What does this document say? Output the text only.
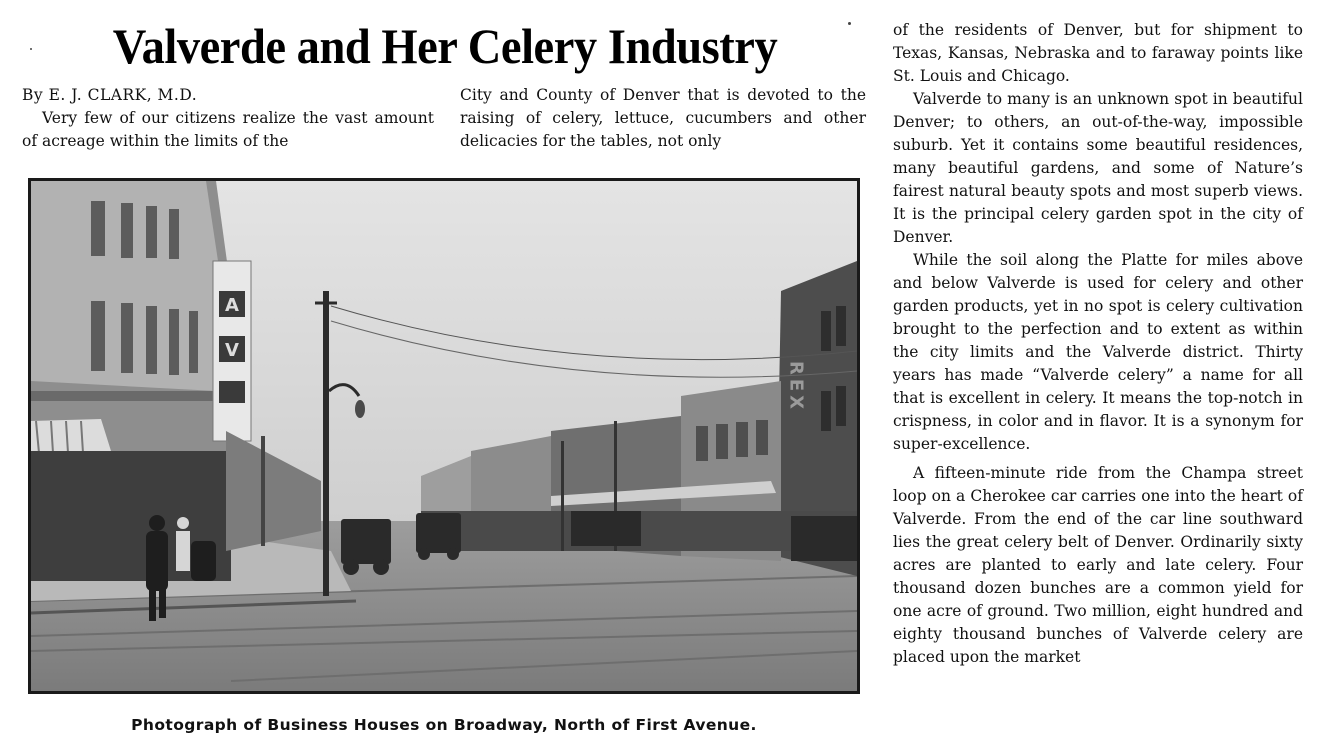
Valverde and Her Celery Industry

By E. J. CLARK, M.D.

Very few of our citizens realize the vast amount of acreage within the limits of the

City and County of Denver that is devoted to the raising of celery, lettuce, cucumbers and other delicacies for the tables, not only

A
V
REX
Photograph of Business Houses on Broadway, North of First Avenue.

of the residents of Denver, but for shipment to Texas, Kansas, Nebraska and to faraway points like St. Louis and Chicago.

Valverde to many is an unknown spot in beautiful Denver; to others, an out-of-the-way, impossible suburb. Yet it contains some beautiful residences, many beautiful gardens, and some of Nature’s fairest natural beauty spots and most superb views. It is the principal celery garden spot in the city of Denver.

While the soil along the Platte for miles above and below Valverde is used for celery and other garden products, yet in no spot is celery cultivation brought to the perfection and to extent as within the city limits and the Valverde district. Thirty years has made “Valverde celery” a name for all that is excellent in celery. It means the top-notch in crispness, in color and in flavor. It is a synonym for super-excellence.

A fifteen-minute ride from the Champa street loop on a Cherokee car carries one into the heart of Valverde. From the end of the car line southward lies the great celery belt of Denver. Ordinarily sixty acres are planted to early and late celery. Four thousand dozen bunches are a common yield for one acre of ground. Two million, eight hundred and eighty thousand bunches of Valverde celery are placed upon the market
